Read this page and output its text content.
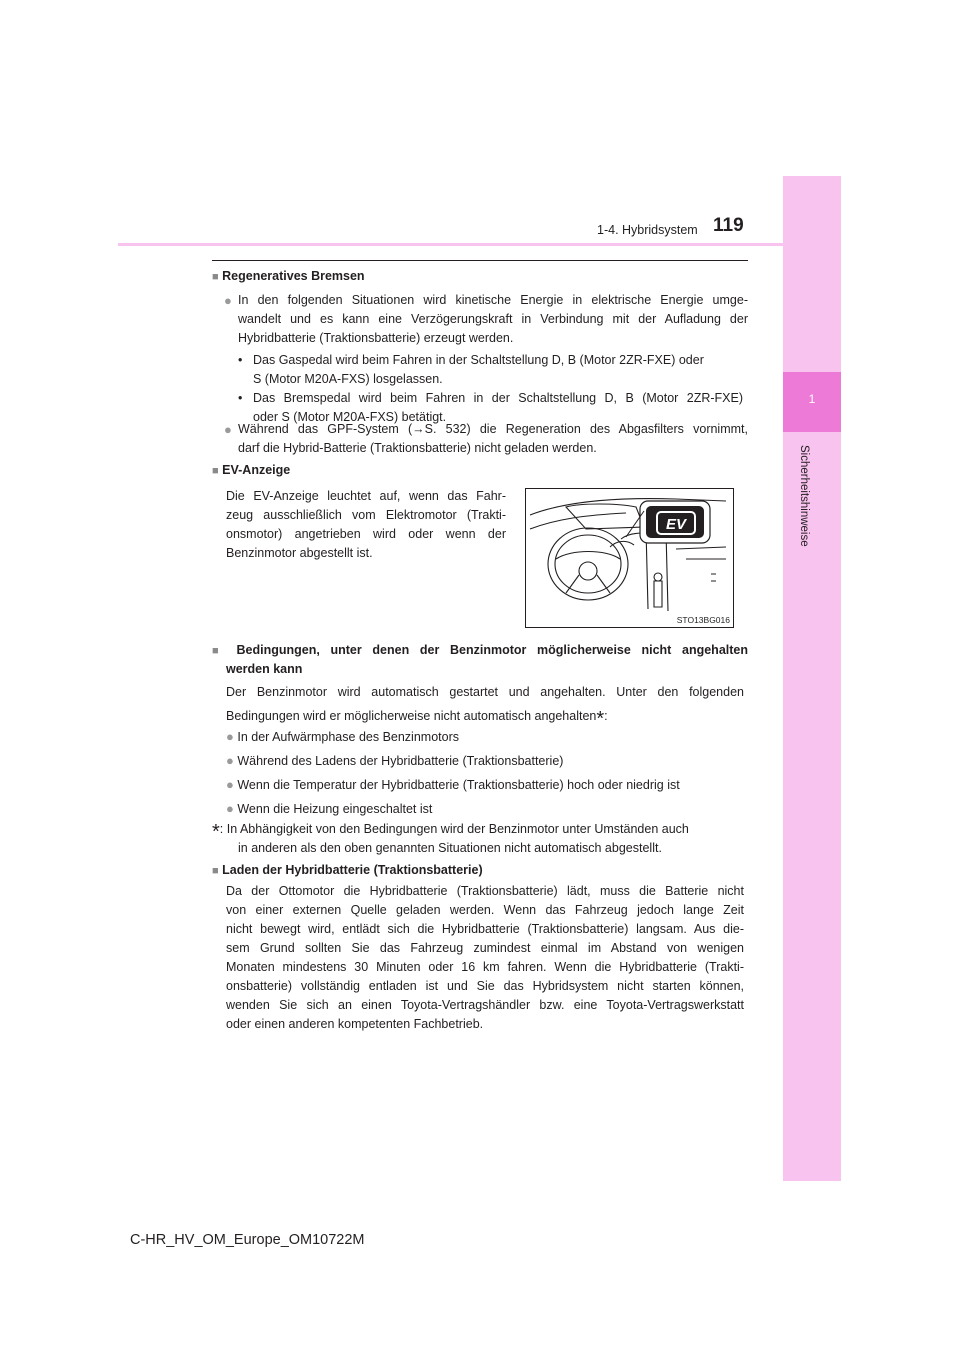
1
Sicherheitshinweise
1-4. Hybridsystem 119
■ Regeneratives Bremsen
● In den folgenden Situationen wird kinetische Energie in elektrische Energie umge-
wandelt und es kann eine Verzögerungskraft in Verbindung mit der Aufladung der
Hybridbatterie (Traktionsbatterie) erzeugt werden.
• Das Gaspedal wird beim Fahren in der Schaltstellung D, B (Motor 2ZR-FXE) oder
S (Motor M20A-FXS) losgelassen.
• Das Bremspedal wird beim Fahren in der Schaltstellung D, B (Motor 2ZR-FXE)
oder S (Motor M20A-FXS) betätigt.
● Während das GPF-System (→S. 532) die Regeneration des Abgasfilters vornimmt,
darf die Hybrid-Batterie (Traktionsbatterie) nicht geladen werden.
■ EV-Anzeige
Die EV-Anzeige leuchtet auf, wenn das Fahr-
zeug ausschließlich vom Elektromotor (Trakti-
onsmotor) angetrieben wird oder wenn der
Benzinmotor abgestellt ist.
EV
STO13BG016
■ Bedingungen, unter denen der Benzinmotor möglicherweise nicht angehalten
werden kann
Der Benzinmotor wird automatisch gestartet und angehalten. Unter den folgenden
Bedingungen wird er möglicherweise nicht automatisch angehalten*:
● In der Aufwärmphase des Benzinmotors
● Während des Ladens der Hybridbatterie (Traktionsbatterie)
● Wenn die Temperatur der Hybridbatterie (Traktionsbatterie) hoch oder niedrig ist
● Wenn die Heizung eingeschaltet ist
*: In Abhängigkeit von den Bedingungen wird der Benzinmotor unter Umständen auch
in anderen als den oben genannten Situationen nicht automatisch abgestellt.
■ Laden der Hybridbatterie (Traktionsbatterie)
Da der Ottomotor die Hybridbatterie (Traktionsbatterie) lädt, muss die Batterie nicht
von einer externen Quelle geladen werden. Wenn das Fahrzeug jedoch lange Zeit
nicht bewegt wird, entlädt sich die Hybridbatterie (Traktionsbatterie) langsam. Aus die-
sem Grund sollten Sie das Fahrzeug zumindest einmal im Abstand von wenigen
Monaten mindestens 30 Minuten oder 16 km fahren. Wenn die Hybridbatterie (Trakti-
onsbatterie) vollständig entladen ist und Sie das Hybridsystem nicht starten können,
wenden Sie sich an einen Toyota-Vertragshändler bzw. eine Toyota-Vertragswerkstatt
oder einen anderen kompetenten Fachbetrieb.
C-HR_HV_OM_Europe_OM10722M
